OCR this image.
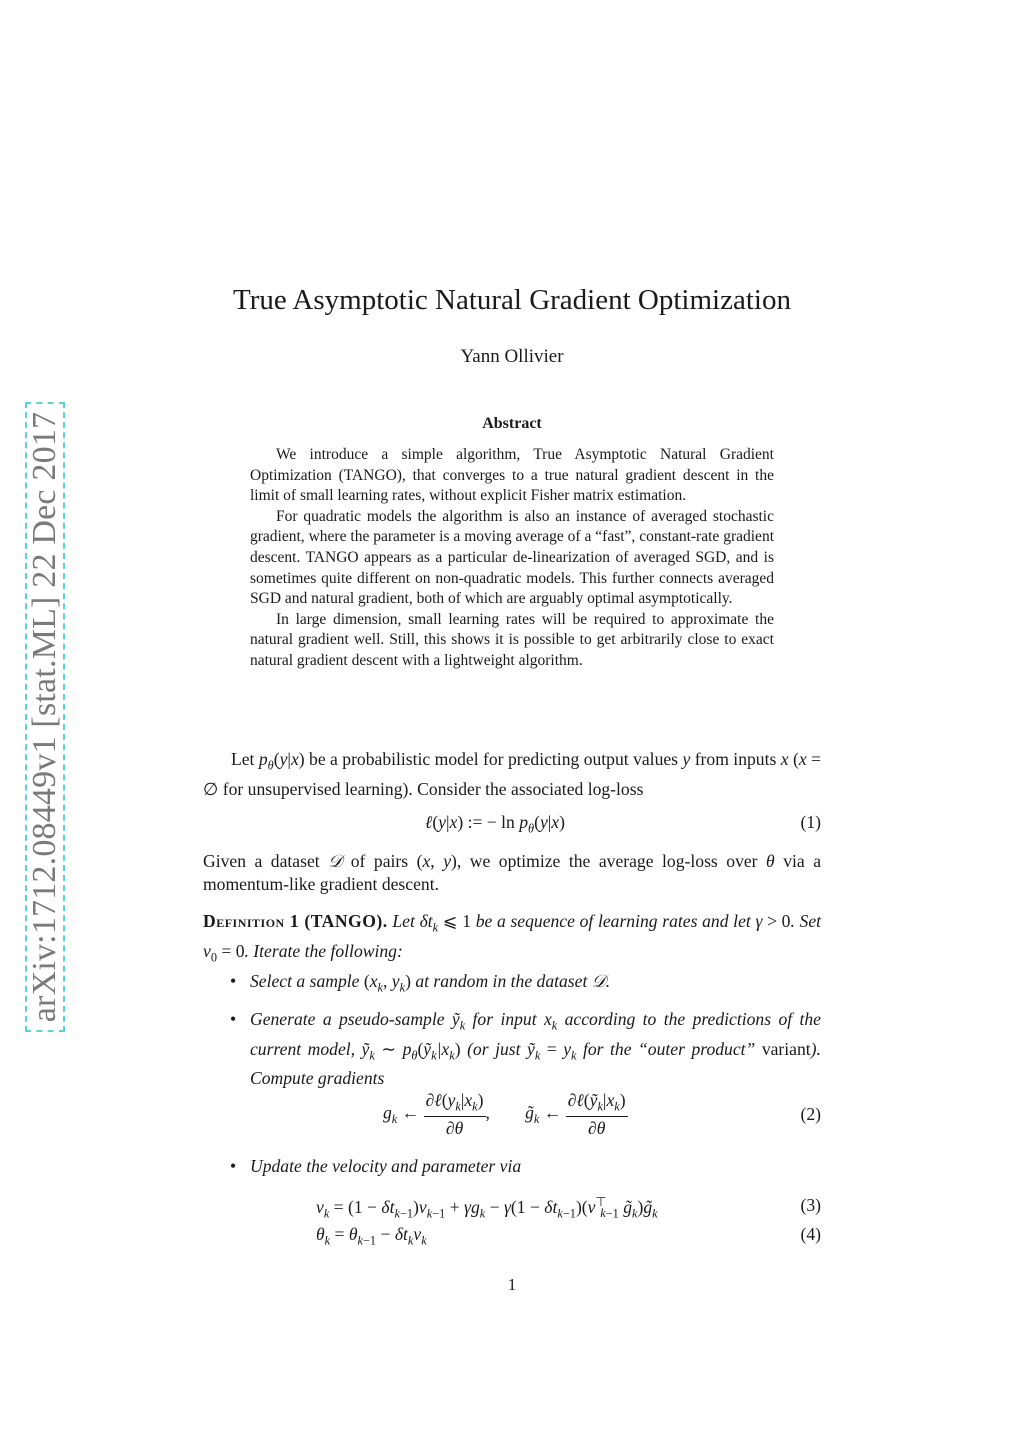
arXiv:1712.08449v1 [stat.ML] 22 Dec 2017
True Asymptotic Natural Gradient Optimization
Yann Ollivier
Abstract

We introduce a simple algorithm, True Asymptotic Natural Gradient Optimization (TANGO), that converges to a true natural gradient descent in the limit of small learning rates, without explicit Fisher matrix estimation.

For quadratic models the algorithm is also an instance of averaged stochastic gradient, where the parameter is a moving average of a “fast”, constant-rate gradient descent. TANGO appears as a particular de-linearization of averaged SGD, and is sometimes quite different on non-quadratic models. This further connects averaged SGD and natural gradient, both of which are arguably optimal asymptotically.

In large dimension, small learning rates will be required to approximate the natural gradient well. Still, this shows it is possible to get arbitrarily close to exact natural gradient descent with a lightweight algorithm.

Let $p_\theta(y|x)$ be a probabilistic model for predicting output values y from inputs x (x = ∅ for unsupervised learning). Consider the associated log-loss

ℓ(y|x) := − $\ln p_\theta(y|x)$	(1)

Given a dataset 𝒟 of pairs (x, y), we optimize the average log-loss over θ via a momentum-like gradient descent.

Definition 1 (TANGO). Let $\delta t_k$ ⩽ 1 be a sequence of learning rates and let γ > 0. Set $v_0 = 0$. Iterate the following:

• Select a sample ($x_k$, $y_k$) at random in the dataset 𝒟.
• Generate a pseudo-sample ỹ$_k$ for input $x_k$ according to the predictions of the current model, ỹ$_k$ ∼ $p_\theta(ỹ_k|x_k)$ (or just ỹ$_k$ = $y_k$ for the “outer product” variant). Compute gradients
$g_k$ ← $\frac{\partial\ell(y_k|x_k)}{\partial\theta}$ ,        $g̃_k$ ← $\frac{\partial\ell(ỹ_k|x_k)}{\partial\theta}$	(2)
• Update the velocity and parameter via
$v_k = (1 - \delta t_{k-1})v_{k-1} + \gamma g_k - \gamma(1 - \delta t_{k-1})(v^⊤_{k-1}$ $g̃_k)g̃_k$	(3)
$\theta_k = \theta_{k-1} - \delta t_kv_k$	(4)
1
